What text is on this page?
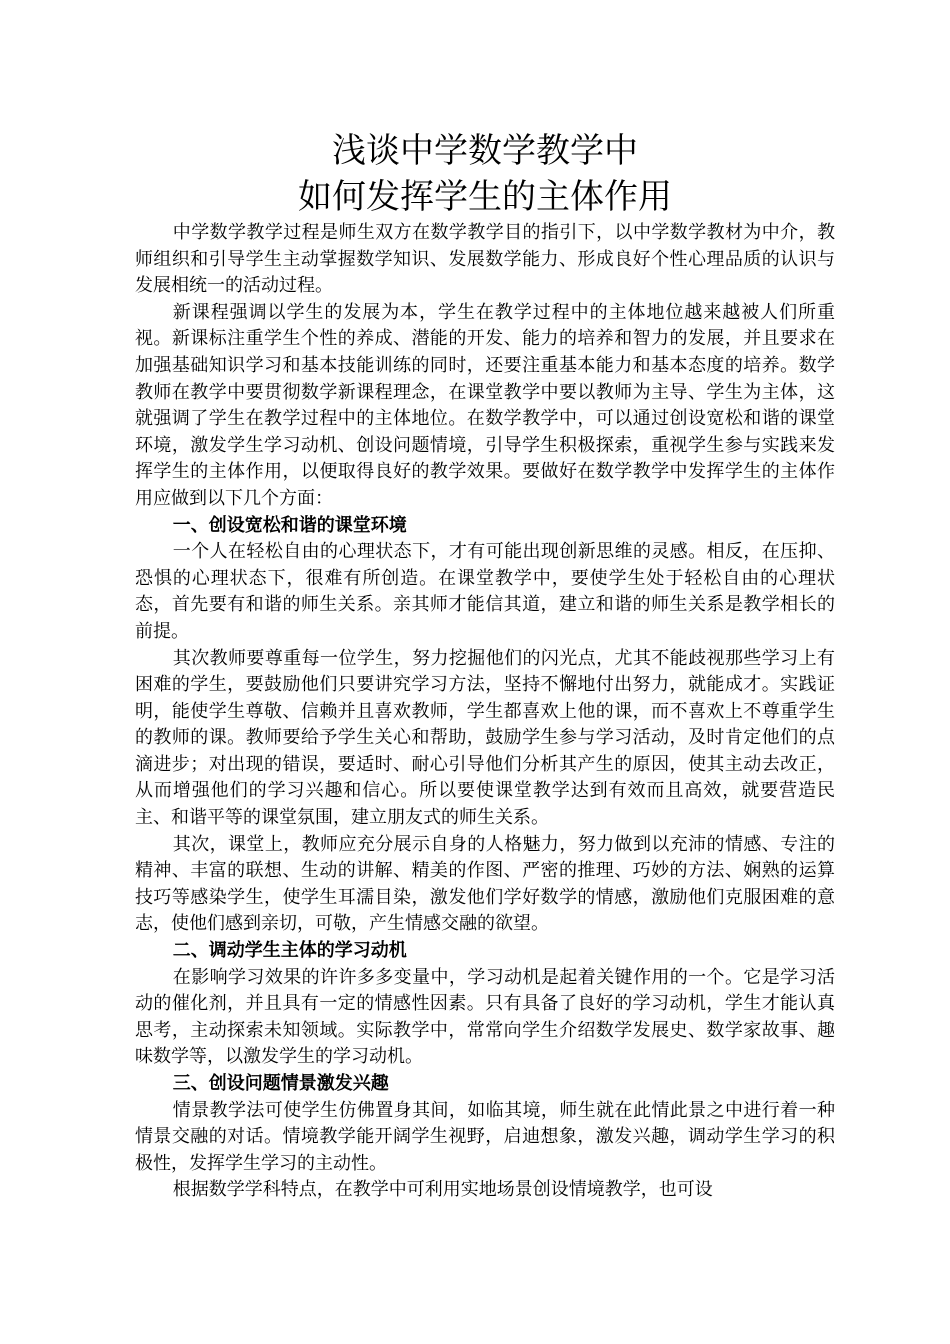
浅谈中学数学教学中
如何发挥学生的主体作用

中学数学教学过程是师生双方在数学教学目的指引下，以中学数学教材为中介，教师组织和引导学生主动掌握数学知识、发展数学能力、形成良好个性心理品质的认识与发展相统一的活动过程。

新课程强调以学生的发展为本，学生在教学过程中的主体地位越来越被人们所重视。新课标注重学生个性的养成、潜能的开发、能力的培养和智力的发展，并且要求在加强基础知识学习和基本技能训练的同时，还要注重基本能力和基本态度的培养。数学教师在教学中要贯彻数学新课程理念，在课堂教学中要以教师为主导、学生为主体，这就强调了学生在教学过程中的主体地位。在数学教学中，可以通过创设宽松和谐的课堂环境，激发学生学习动机、创设问题情境，引导学生积极探索，重视学生参与实践来发挥学生的主体作用，以便取得良好的教学效果。要做好在数学教学中发挥学生的主体作用应做到以下几个方面：

一、创设宽松和谐的课堂环境

一个人在轻松自由的心理状态下，才有可能出现创新思维的灵感。相反，在压抑、恐惧的心理状态下，很难有所创造。在课堂教学中，要使学生处于轻松自由的心理状态，首先要有和谐的师生关系。亲其师才能信其道，建立和谐的师生关系是教学相长的前提。

其次教师要尊重每一位学生，努力挖掘他们的闪光点，尤其不能歧视那些学习上有困难的学生，要鼓励他们只要讲究学习方法，坚持不懈地付出努力，就能成才。实践证明，能使学生尊敬、信赖并且喜欢教师，学生都喜欢上他的课，而不喜欢上不尊重学生的教师的课。教师要给予学生关心和帮助，鼓励学生参与学习活动，及时肯定他们的点滴进步；对出现的错误，要适时、耐心引导他们分析其产生的原因，使其主动去改正，从而增强他们的学习兴趣和信心。所以要使课堂教学达到有效而且高效，就要营造民主、和谐平等的课堂氛围，建立朋友式的师生关系。

其次，课堂上，教师应充分展示自身的人格魅力，努力做到以充沛的情感、专注的精神、丰富的联想、生动的讲解、精美的作图、严密的推理、巧妙的方法、娴熟的运算技巧等感染学生，使学生耳濡目染，激发他们学好数学的情感，激励他们克服困难的意志，使他们感到亲切，可敬，产生情感交融的欲望。

二、调动学生主体的学习动机

在影响学习效果的许许多多变量中，学习动机是起着关键作用的一个。它是学习活动的催化剂，并且具有一定的情感性因素。只有具备了良好的学习动机，学生才能认真思考，主动探索未知领域。实际教学中，常常向学生介绍数学发展史、数学家故事、趣味数学等，以激发学生的学习动机。

三、创设问题情景激发兴趣

情景教学法可使学生仿佛置身其间，如临其境，师生就在此情此景之中进行着一种情景交融的对话。情境教学能开阔学生视野，启迪想象，激发兴趣，调动学生学习的积极性，发挥学生学习的主动性。

根据数学学科特点，在教学中可利用实地场景创设情境教学，也可设
